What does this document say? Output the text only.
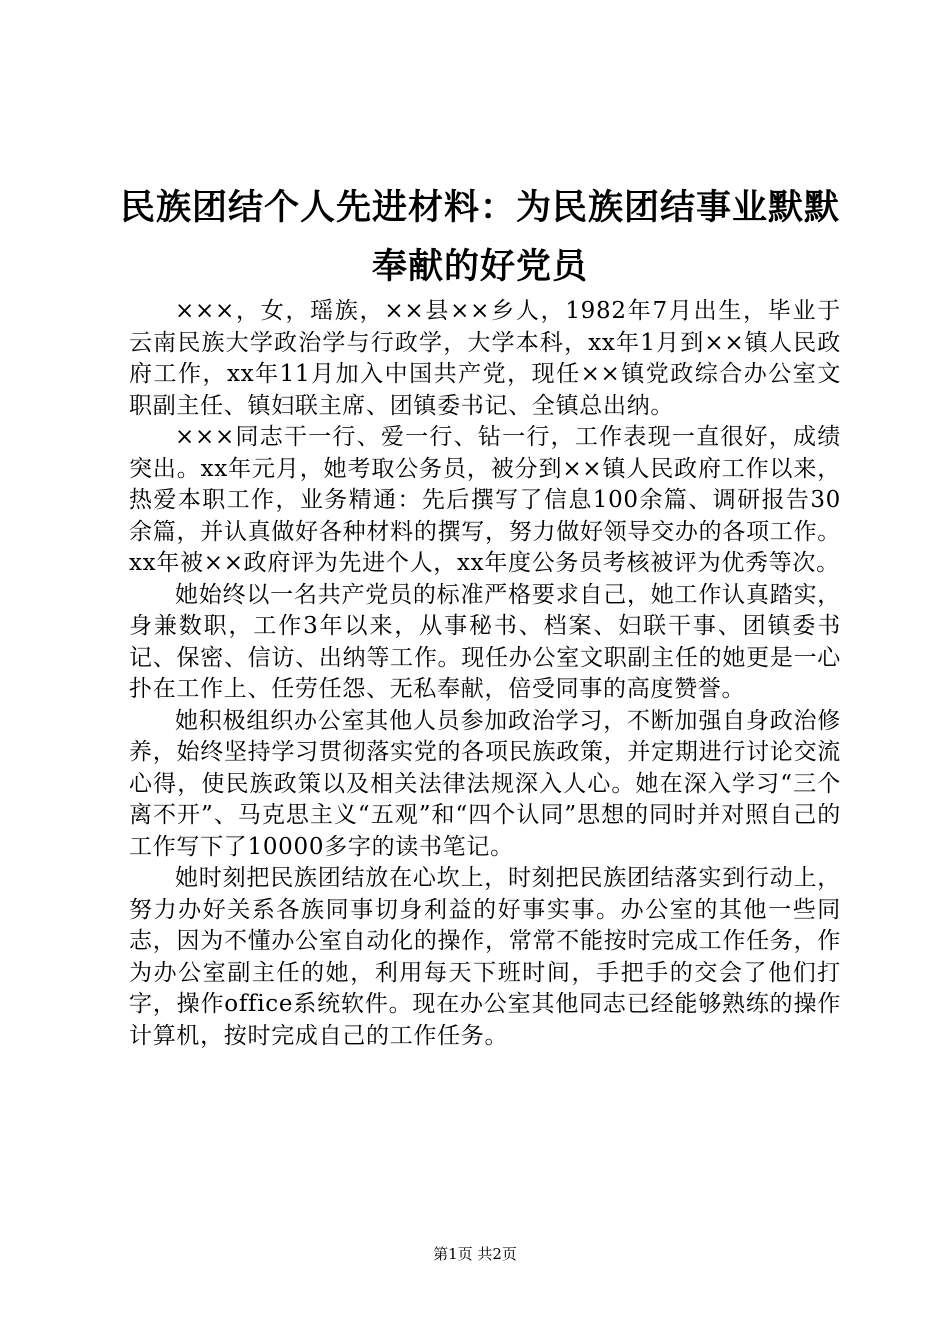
民族团结个人先进材料：为民族团结事业默默
奉献的好党员

×××，女，瑶族，××县××乡人，1982年7月出生，毕业于云南民族大学政治学与行政学，大学本科，xx年1月到××镇人民政府工作，xx年11月加入中国共产党，现任××镇党政综合办公室文职副主任、镇妇联主席、团镇委书记、全镇总出纳。

×××同志干一行、爱一行、钻一行，工作表现一直很好，成绩突出。xx年元月，她考取公务员，被分到××镇人民政府工作以来，热爱本职工作，业务精通：先后撰写了信息100余篇、调研报告30余篇，并认真做好各种材料的撰写，努力做好领导交办的各项工作。xx年被××政府评为先进个人，xx年度公务员考核被评为优秀等次。

她始终以一名共产党员的标准严格要求自己，她工作认真踏实，身兼数职，工作3年以来，从事秘书、档案、妇联干事、团镇委书记、保密、信访、出纳等工作。现任办公室文职副主任的她更是一心扑在工作上、任劳任怨、无私奉献，倍受同事的高度赞誉。

她积极组织办公室其他人员参加政治学习，不断加强自身政治修养，始终坚持学习贯彻落实党的各项民族政策，并定期进行讨论交流心得，使民族政策以及相关法律法规深入人心。她在深入学习“三个离不开”、马克思主义“五观”和“四个认同”思想的同时并对照自己的工作写下了10000多字的读书笔记。

她时刻把民族团结放在心坎上，时刻把民族团结落实到行动上，努力办好关系各族同事切身利益的好事实事。办公室的其他一些同志，因为不懂办公室自动化的操作，常常不能按时完成工作任务，作为办公室副主任的她，利用每天下班时间，手把手的交会了他们打字，操作office系统软件。现在办公室其他同志已经能够熟练的操作计算机，按时完成自己的工作任务。

第1页 共2页
